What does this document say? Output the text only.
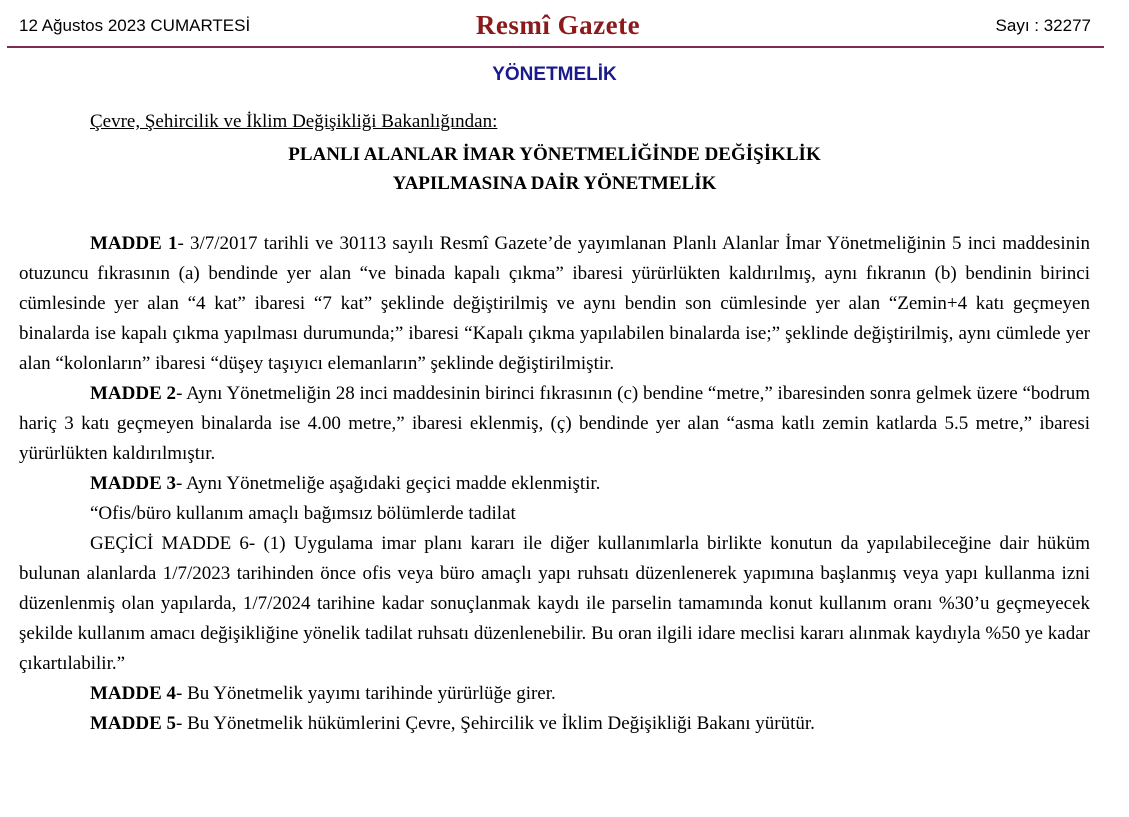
12 Ağustos 2023 CUMARTESİ	Resmî Gazete	Sayı : 32277
YÖNETMELİK
Çevre, Şehircilik ve İklim Değişikliği Bakanlığından:
PLANLI ALANLAR İMAR YÖNETMELİĞİNDE DEĞİŞİKLİK
YAPILMASINA DAİR YÖNETMELİK

MADDE 1- 3/7/2017 tarihli ve 30113 sayılı Resmî Gazete’de yayımlanan Planlı Alanlar İmar Yönetmeliğinin 5 inci maddesinin otuzuncu fıkrasının (a) bendinde yer alan “ve binada kapalı çıkma” ibaresi yürürlükten kaldırılmış, aynı fıkranın (b) bendinin birinci cümlesinde yer alan “4 kat” ibaresi “7 kat” şeklinde değiştirilmiş ve aynı bendin son cümlesinde yer alan “Zemin+4 katı geçmeyen binalarda ise kapalı çıkma yapılması durumunda;” ibaresi “Kapalı çıkma yapılabilen binalarda ise;” şeklinde değiştirilmiş, aynı cümlede yer alan “kolonların” ibaresi “düşey taşıyıcı elemanların” şeklinde değiştirilmiştir.

MADDE 2- Aynı Yönetmeliğin 28 inci maddesinin birinci fıkrasının (c) bendine “metre,” ibaresinden sonra gelmek üzere “bodrum hariç 3 katı geçmeyen binalarda ise 4.00 metre,” ibaresi eklenmiş, (ç) bendinde yer alan “asma katlı zemin katlarda 5.5 metre,” ibaresi yürürlükten kaldırılmıştır.

MADDE 3- Aynı Yönetmeliğe aşağıdaki geçici madde eklenmiştir.

“Ofis/büro kullanım amaçlı bağımsız bölümlerde tadilat

GEÇİCİ MADDE 6- (1) Uygulama imar planı kararı ile diğer kullanımlarla birlikte konutun da yapılabileceğine dair hüküm bulunan alanlarda 1/7/2023 tarihinden önce ofis veya büro amaçlı yapı ruhsatı düzenlenerek yapımına başlanmış veya yapı kullanma izni düzenlenmiş olan yapılarda, 1/7/2024 tarihine kadar sonuçlanmak kaydı ile parselin tamamında konut kullanım oranı %30’u geçmeyecek şekilde kullanım amacı değişikliğine yönelik tadilat ruhsatı düzenlenebilir. Bu oran ilgili idare meclisi kararı alınmak kaydıyla %50 ye kadar çıkartılabilir.”

MADDE 4- Bu Yönetmelik yayımı tarihinde yürürlüğe girer.

MADDE 5- Bu Yönetmelik hükümlerini Çevre, Şehircilik ve İklim Değişikliği Bakanı yürütür.
